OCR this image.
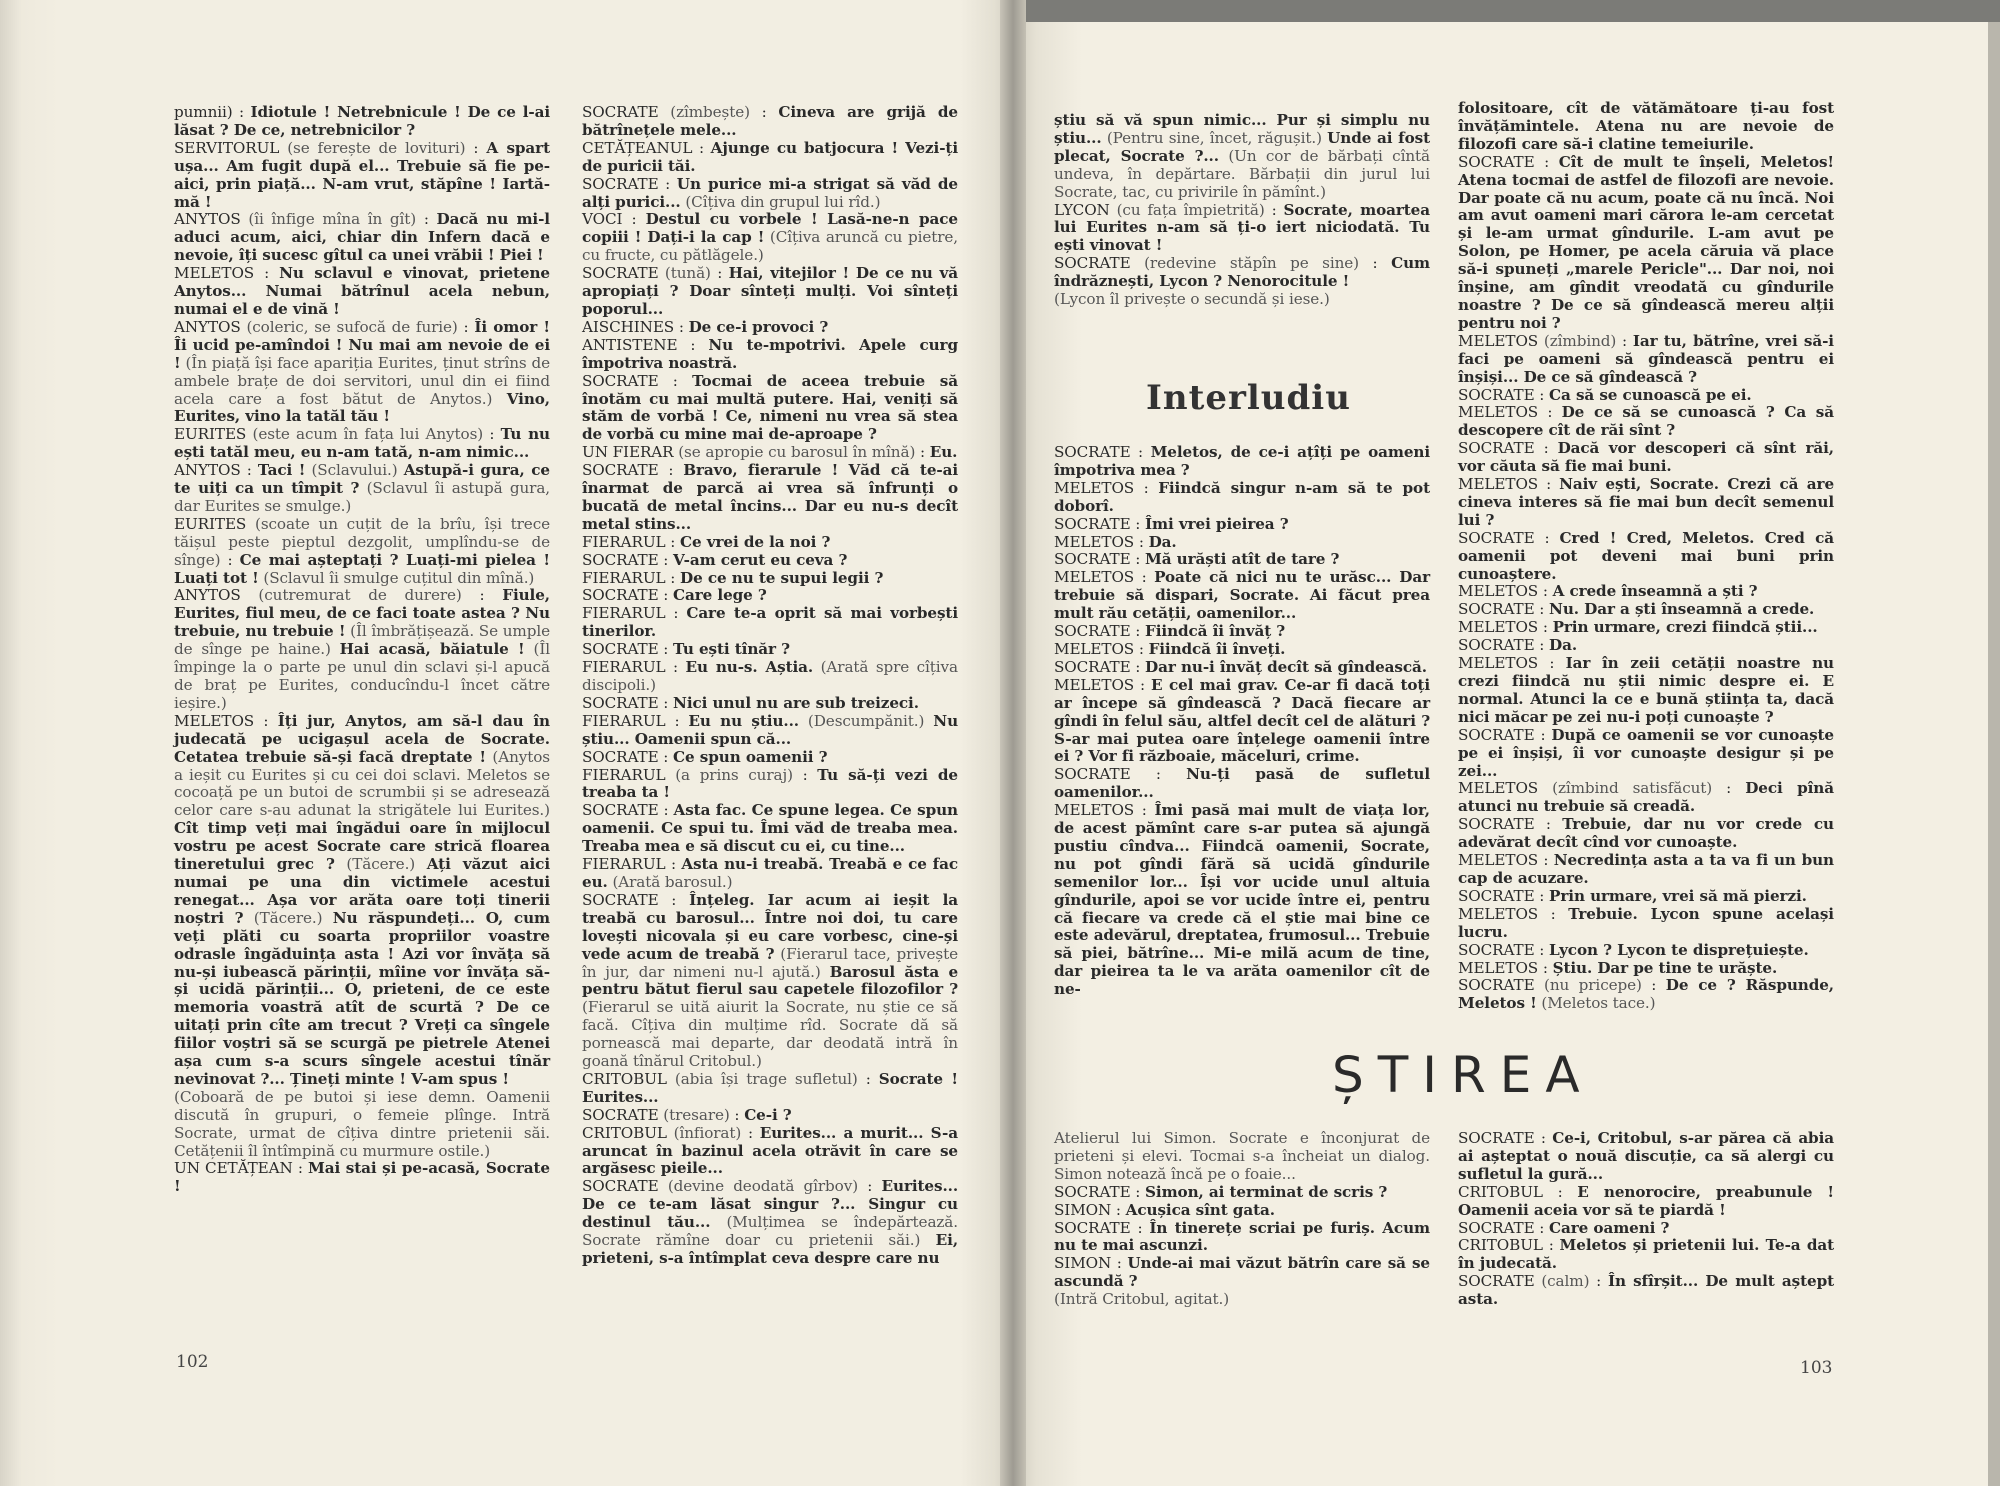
pumnii) : Idiotule ! Netrebnicule ! De ce l-ai lăsat ? De ce, netrebnicilor ?

SERVITORUL (se ferește de lovituri) : A spart ușa... Am fugit după el... Trebuie să fie pe-aici, prin piață... N-am vrut, stăpîne ! Iartă-mă !

ANYTOS (îi înfige mîna în gît) : Dacă nu mi-l aduci acum, aici, chiar din Infern dacă e nevoie, îți sucesc gîtul ca unei vrăbii ! Piei !

MELETOS : Nu sclavul e vinovat, prietene Anytos... Numai bătrînul acela nebun, numai el e de vină !

ANYTOS (coleric, se sufocă de furie) : Îi omor ! Îi ucid pe-amîndoi ! Nu mai am nevoie de ei ! (În piață își face apariția Eurites, ținut strîns de ambele brațe de doi servitori, unul din ei fiind acela care a fost bătut de Anytos.) Vino, Eurites, vino la tatăl tău !

EURITES (este acum în fața lui Anytos) : Tu nu ești tatăl meu, eu n-am tată, n-am nimic...

ANYTOS : Taci ! (Sclavului.) Astupă-i gura, ce te uiți ca un tîmpit ? (Sclavul îi astupă gura, dar Eurites se smulge.)

EURITES (scoate un cuțit de la brîu, își trece tăișul peste pieptul dezgolit, umplîndu-se de sînge) : Ce mai așteptați ? Luați-mi pielea ! Luați tot ! (Sclavul îi smulge cuțitul din mînă.)

ANYTOS (cutremurat de durere) : Fiule, Eurites, fiul meu, de ce faci toate astea ? Nu trebuie, nu trebuie ! (Îl îmbrățișează. Se umple de sînge pe haine.) Hai acasă, băiatule ! (Îl împinge la o parte pe unul din sclavi și-l apucă de braț pe Eurites, conducîndu-l încet către ieșire.)

MELETOS : Îți jur, Anytos, am să-l dau în judecată pe ucigașul acela de Socrate. Cetatea trebuie să-și facă dreptate ! (Anytos a ieșit cu Eurites și cu cei doi sclavi. Meletos se cocoață pe un butoi de scrumbii și se adresează celor care s-au adunat la strigătele lui Eurites.) Cît timp veți mai îngădui oare în mijlocul vostru pe acest Socrate care strică floarea tineretului grec ? (Tăcere.) Ați văzut aici numai pe una din victimele acestui renegat... Așa vor arăta oare toți tinerii noștri ? (Tăcere.) Nu răspundeți... O, cum veți plăti cu soarta propriilor voastre odrasle îngăduința asta ! Azi vor învăța să nu-și iubească părinții, mîine vor învăța să-și ucidă părinții... O, prieteni, de ce este memoria voastră atît de scurtă ? De ce uitați prin cîte am trecut ? Vreți ca sîngele fiilor voștri să se scurgă pe pietrele Atenei așa cum s-a scurs sîngele acestui tînăr nevinovat ?... Țineți minte ! V-am spus !

(Coboară de pe butoi și iese demn. Oamenii discută în grupuri, o femeie plînge. Intră Socrate, urmat de cîțiva dintre prietenii săi. Cetățenii îl întîmpină cu murmure ostile.)

UN CETĂȚEAN : Mai stai și pe-acasă, Socrate !

SOCRATE (zîmbește) : Cineva are grijă de bătrînețele mele...

CETĂȚEANUL : Ajunge cu batjocura ! Vezi-ți de puricii tăi.

SOCRATE : Un purice mi-a strigat să văd de alți purici... (Cîțiva din grupul lui rîd.)

VOCI : Destul cu vorbele ! Lasă-ne-n pace copiii ! Dați-i la cap ! (Cîțiva aruncă cu pietre, cu fructe, cu pătlăgele.)

SOCRATE (tună) : Hai, vitejilor ! De ce nu vă apropiați ? Doar sînteți mulți. Voi sînteți poporul...

AISCHINES : De ce-i provoci ?

ANTISTENE : Nu te-mpotrivi. Apele curg împotriva noastră.

SOCRATE : Tocmai de aceea trebuie să înotăm cu mai multă putere. Hai, veniți să stăm de vorbă ! Ce, nimeni nu vrea să stea de vorbă cu mine mai de-aproape ?

UN FIERAR (se apropie cu barosul în mînă) : Eu.

SOCRATE : Bravo, fierarule ! Văd că te-ai înarmat de parcă ai vrea să înfrunți o bucată de metal încins... Dar eu nu-s decît metal stins...

FIERARUL : Ce vrei de la noi ?

SOCRATE : V-am cerut eu ceva ?

FIERARUL : De ce nu te supui legii ?

SOCRATE : Care lege ?

FIERARUL : Care te-a oprit să mai vorbești tinerilor.

SOCRATE : Tu ești tînăr ?

FIERARUL : Eu nu-s. Aștia. (Arată spre cîțiva discipoli.)

SOCRATE : Nici unul nu are sub treizeci.

FIERARUL : Eu nu știu... (Descumpănit.) Nu știu... Oamenii spun că...

SOCRATE : Ce spun oamenii ?

FIERARUL (a prins curaj) : Tu să-ți vezi de treaba ta !

SOCRATE : Asta fac. Ce spune legea. Ce spun oamenii. Ce spui tu. Îmi văd de treaba mea. Treaba mea e să discut cu ei, cu tine...

FIERARUL : Asta nu-i treabă. Treabă e ce fac eu. (Arată barosul.)

SOCRATE : Înțeleg. Iar acum ai ieșit la treabă cu barosul... Între noi doi, tu care lovești nicovala și eu care vorbesc, cine-și vede acum de treabă ? (Fierarul tace, privește în jur, dar nimeni nu-l ajută.) Barosul ăsta e pentru bătut fierul sau capetele filozofilor ? (Fierarul se uită aiurit la Socrate, nu știe ce să facă. Cîțiva din mulțime rîd. Socrate dă să pornească mai departe, dar deodată intră în goană tînărul Critobul.)

CRITOBUL (abia își trage sufletul) : Socrate ! Eurites...

SOCRATE (tresare) : Ce-i ?

CRITOBUL (înfiorat) : Eurites... a murit... S-a aruncat în bazinul acela otrăvit în care se argăsesc pieile...

SOCRATE (devine deodată gîrbov) : Eurites... De ce te-am lăsat singur ?... Singur cu destinul tău... (Mulțimea se îndepărtează. Socrate rămîne doar cu prietenii săi.) Ei, prieteni, s-a întîmplat ceva despre care nu

știu să vă spun nimic... Pur și simplu nu știu... (Pentru sine, încet, răgușit.) Unde ai fost plecat, Socrate ?... (Un cor de bărbați cîntă undeva, în depărtare. Bărbații din jurul lui Socrate, tac, cu privirile în pămînt.)

LYCON (cu fața împietrită) : Socrate, moartea lui Eurites n-am să ți-o iert niciodată. Tu ești vinovat !

SOCRATE (redevine stăpîn pe sine) : Cum îndrăznești, Lycon ? Nenorocitule !

(Lycon îl privește o secundă și iese.)

Interludiu

SOCRATE : Meletos, de ce-i ațîți pe oameni împotriva mea ?

MELETOS : Fiindcă singur n-am să te pot doborî.

SOCRATE : Îmi vrei pieirea ?

MELETOS : Da.

SOCRATE : Mă urăști atît de tare ?

MELETOS : Poate că nici nu te urăsc... Dar trebuie să dispari, Socrate. Ai făcut prea mult rău cetății, oamenilor...

SOCRATE : Fiindcă îi învăț ?

MELETOS : Fiindcă îi înveți.

SOCRATE : Dar nu-i învăț decît să gîndească.

MELETOS : E cel mai grav. Ce-ar fi dacă toți ar începe să gîndească ? Dacă fiecare ar gîndi în felul său, altfel decît cel de alături ? S-ar mai putea oare înțelege oamenii între ei ? Vor fi războaie, măceluri, crime.

SOCRATE : Nu-ți pasă de sufletul oamenilor...

MELETOS : Îmi pasă mai mult de viața lor, de acest pămînt care s-ar putea să ajungă pustiu cîndva... Fiindcă oamenii, Socrate, nu pot gîndi fără să ucidă gîndurile semenilor lor... Își vor ucide unul altuia gîndurile, apoi se vor ucide între ei, pentru că fiecare va crede că el știe mai bine ce este adevărul, dreptatea, frumosul... Trebuie să piei, bătrîne... Mi-e milă acum de tine, dar pieirea ta le va arăta oamenilor cît de ne-

folositoare, cît de vătămătoare ți-au fost învățămintele. Atena nu are nevoie de filozofi care să-i clatine temeiurile.

SOCRATE : Cît de mult te înșeli, Meletos! Atena tocmai de astfel de filozofi are nevoie. Dar poate că nu acum, poate că nu încă. Noi am avut oameni mari cărora le-am cercetat și le-am urmat gîndurile. L-am avut pe Solon, pe Homer, pe acela căruia vă place să-i spuneți „marele Pericle"... Dar noi, noi înșine, am gîndit vreodată cu gîndurile noastre ? De ce să gîndească mereu alții pentru noi ?

MELETOS (zîmbind) : Iar tu, bătrîne, vrei să-i faci pe oameni să gîndească pentru ei înșiși... De ce să gîndească ?

SOCRATE : Ca să se cunoască pe ei.

MELETOS : De ce să se cunoască ? Ca să descopere cît de răi sînt ?

SOCRATE : Dacă vor descoperi că sînt răi, vor căuta să fie mai buni.

MELETOS : Naiv ești, Socrate. Crezi că are cineva interes să fie mai bun decît semenul lui ?

SOCRATE : Cred ! Cred, Meletos. Cred că oamenii pot deveni mai buni prin cunoaștere.

MELETOS : A crede înseamnă a ști ?

SOCRATE : Nu. Dar a ști înseamnă a crede.

MELETOS : Prin urmare, crezi fiindcă știi...

SOCRATE : Da.

MELETOS : Iar în zeii cetății noastre nu crezi fiindcă nu știi nimic despre ei. E normal. Atunci la ce e bună știința ta, dacă nici măcar pe zei nu-i poți cunoaște ?

SOCRATE : După ce oamenii se vor cunoaște pe ei înșiși, îi vor cunoaște desigur și pe zei...

MELETOS (zîmbind satisfăcut) : Deci pînă atunci nu trebuie să creadă.

SOCRATE : Trebuie, dar nu vor crede cu adevărat decît cînd vor cunoaște.

MELETOS : Necredința asta a ta va fi un bun cap de acuzare.

SOCRATE : Prin urmare, vrei să mă pierzi.

MELETOS : Trebuie. Lycon spune același lucru.

SOCRATE : Lycon ? Lycon te disprețuiește.

MELETOS : Știu. Dar pe tine te urăște.

SOCRATE (nu pricepe) : De ce ? Răspunde, Meletos ! (Meletos tace.)

ȘTIREA

Atelierul lui Simon. Socrate e înconjurat de prieteni și elevi. Tocmai s-a încheiat un dialog. Simon notează încă pe o foaie...

SOCRATE : Simon, ai terminat de scris ?

SIMON : Acușica sînt gata.

SOCRATE : În tinerețe scriai pe furiș. Acum nu te mai ascunzi.

SIMON : Unde-ai mai văzut bătrîn care să se ascundă ?

(Intră Critobul, agitat.)

SOCRATE : Ce-i, Critobul, s-ar părea că abia ai așteptat o nouă discuție, ca să alergi cu sufletul la gură...

CRITOBUL : E nenorocire, preabunule ! Oamenii aceia vor să te piardă !

SOCRATE : Care oameni ?

CRITOBUL : Meletos și prietenii lui. Te-a dat în judecată.

SOCRATE (calm) : În sfîrșit... De mult aștept asta.

102	103
